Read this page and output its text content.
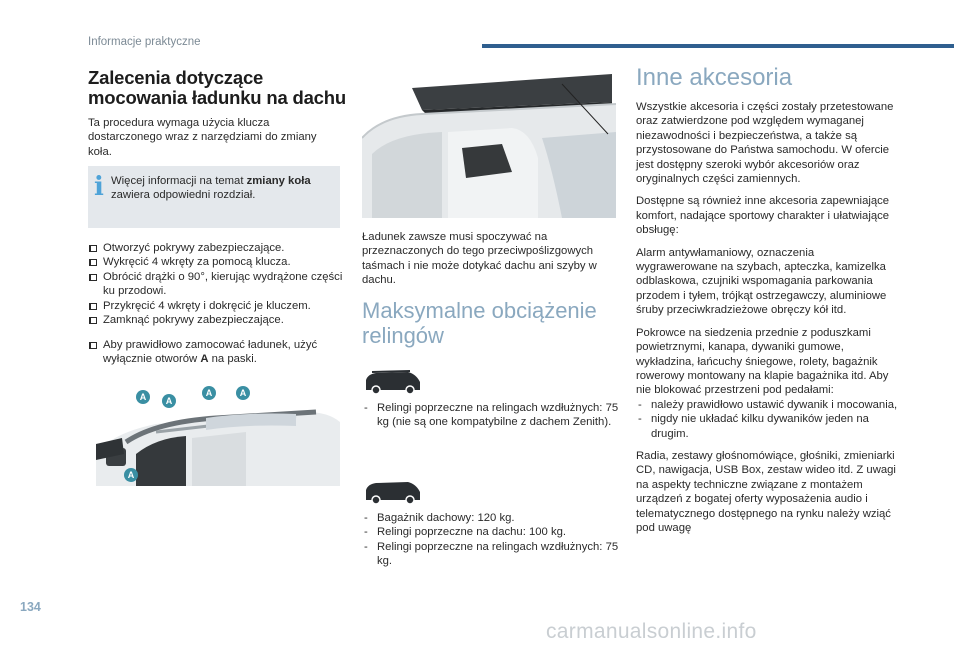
Informacje praktyczne
Zalecenia dotyczące mocowania ładunku na dachu

Ta procedura wymaga użycia klucza dostarczonego wraz z narzędziami do zmiany koła.

i Więcej informacji na temat zmiany koła
zawiera odpowiedni rozdział.
Otworzyć pokrywy zabezpieczające.
Wykręcić 4 wkręty za pomocą klucza.
Obrócić drążki o 90°, kierując wydrążone części ku przodowi.
Przykręcić 4 wkręty i dokręcić je kluczem.
Zamknąć pokrywy zabezpieczające.
Aby prawidłowo zamocować ładunek, użyć wyłącznie otworów A na paski.
A	A
A	A
A

Ładunek zawsze musi spoczywać na przeznaczonych do tego przeciwpoślizgowych taśmach i nie może dotykać dachu ani szyby w dachu.

Maksymalne obciążenie relingów
- Relingi poprzeczne na relingach wzdłużnych: 75 kg (nie są one kompatybilne z dachem Zenith).
- Bagażnik dachowy: 120 kg.
- Relingi poprzeczne na dachu: 100 kg.
- Relingi poprzeczne na relingach wzdłużnych: 75 kg.
Inne akcesoria

Wszystkie akcesoria i części zostały przetestowane oraz zatwierdzone pod względem wymaganej niezawodności i bezpieczeństwa, a także są przystosowane do Państwa samochodu. W ofercie jest dostępny szeroki wybór akcesoriów oraz oryginalnych części zamiennych.

Dostępne są również inne akcesoria zapewniające komfort, nadające sportowy charakter i ułatwiające obsługę:

Alarm antywłamaniowy, oznaczenia wygrawerowane na szybach, apteczka, kamizelka odblaskowa, czujniki wspomagania parkowania przodem i tyłem, trójkąt ostrzegawczy, aluminiowe śruby przeciwkradzieżowe obręczy kół itd.

Pokrowce na siedzenia przednie z poduszkami powietrznymi, kanapa, dywaniki gumowe, wykładzina, łańcuchy śniegowe, rolety, bagażnik rowerowy montowany na klapie bagażnika itd. Aby nie blokować przestrzeni pod pedałami:

- należy prawidłowo ustawić dywanik i mocowania,
- nigdy nie układać kilku dywaników jeden na drugim.

Radia, zestawy głośnomówiące, głośniki, zmieniarki CD, nawigacja, USB Box, zestaw wideo itd. Z uwagi na aspekty techniczne związane z montażem urządzeń z bogatej oferty wyposażenia audio i telematycznego dostępnego na rynku należy wziąć pod uwagę

134
carmanualsonline.info
